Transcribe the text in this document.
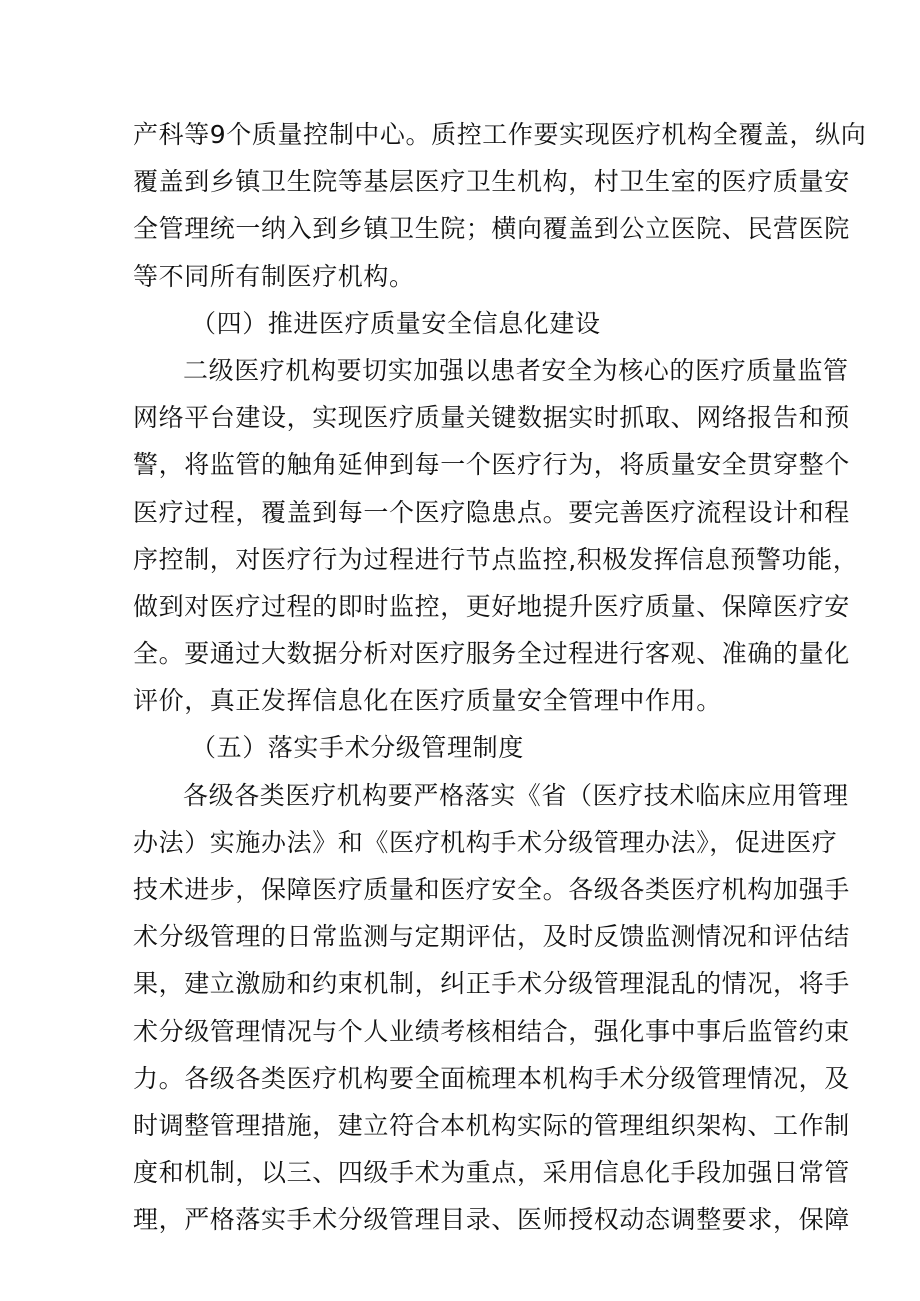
产科等9个质量控制中心。质控工作要实现医疗机构全覆盖，纵向
覆盖到乡镇卫生院等基层医疗卫生机构，村卫生室的医疗质量安
全管理统一纳入到乡镇卫生院；横向覆盖到公立医院、民营医院
等不同所有制医疗机构。
（四）推进医疗质量安全信息化建设
二级医疗机构要切实加强以患者安全为核心的医疗质量监管
网络平台建设，实现医疗质量关键数据实时抓取、网络报告和预
警，将监管的触角延伸到每一个医疗行为，将质量安全贯穿整个
医疗过程，覆盖到每一个医疗隐患点。要完善医疗流程设计和程
序控制，对医疗行为过程进行节点监控,积极发挥信息预警功能，
做到对医疗过程的即时监控，更好地提升医疗质量、保障医疗安
全。要通过大数据分析对医疗服务全过程进行客观、准确的量化
评价，真正发挥信息化在医疗质量安全管理中作用。
（五）落实手术分级管理制度
各级各类医疗机构要严格落实《省（医疗技术临床应用管理
办法）实施办法》和《医疗机构手术分级管理办法》，促进医疗
技术进步，保障医疗质量和医疗安全。各级各类医疗机构加强手
术分级管理的日常监测与定期评估，及时反馈监测情况和评估结
果，建立激励和约束机制，纠正手术分级管理混乱的情况，将手
术分级管理情况与个人业绩考核相结合，强化事中事后监管约束
力。各级各类医疗机构要全面梳理本机构手术分级管理情况，及
时调整管理措施，建立符合本机构实际的管理组织架构、工作制
度和机制，以三、四级手术为重点，采用信息化手段加强日常管
理，严格落实手术分级管理目录、医师授权动态调整要求，保障
